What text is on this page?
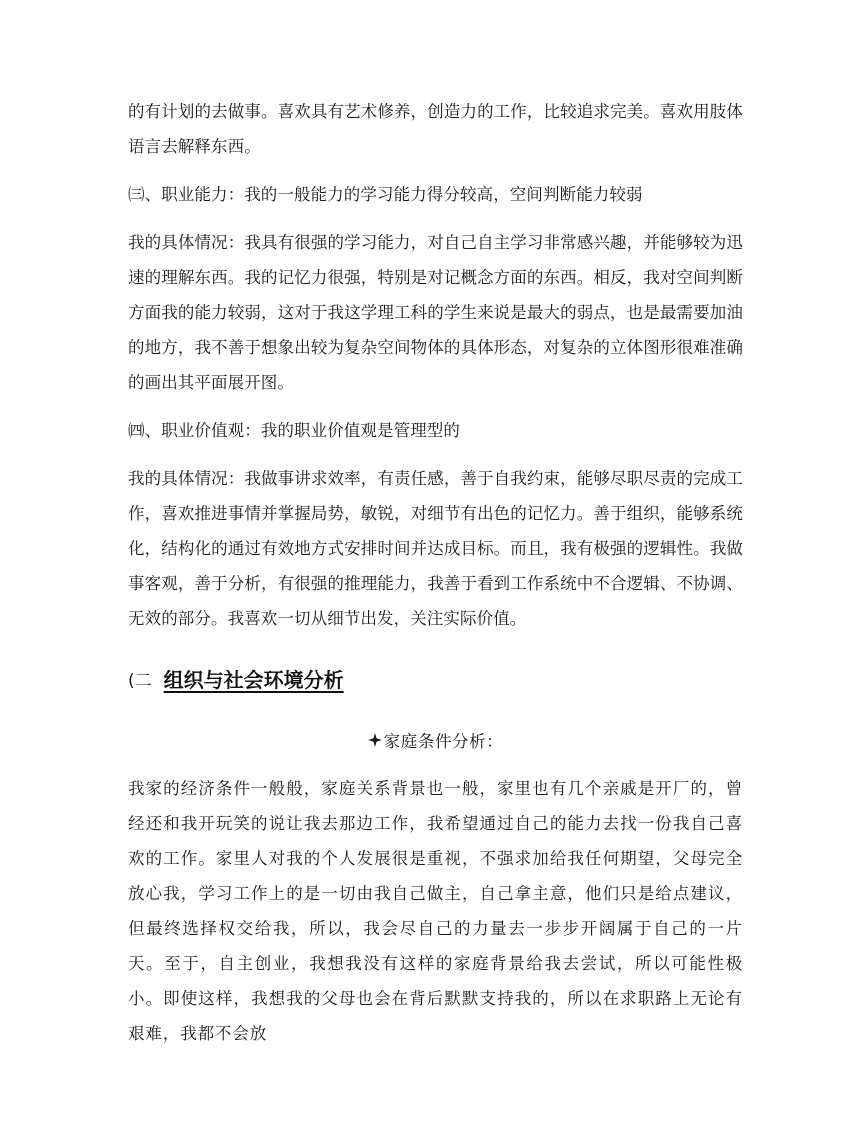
的有计划的去做事。喜欢具有艺术修养，创造力的工作，比较追求完美。喜欢用肢体语言去解释东西。

㈢、职业能力：我的一般能力的学习能力得分较高，空间判断能力较弱

我的具体情况：我具有很强的学习能力，对自己自主学习非常感兴趣，并能够较为迅速的理解东西。我的记忆力很强，特别是对记概念方面的东西。相反，我对空间判断方面我的能力较弱，这对于我这学理工科的学生来说是最大的弱点，也是最需要加油的地方，我不善于想象出较为复杂空间物体的具体形态，对复杂的立体图形很难准确的画出其平面展开图。

㈣、职业价值观：我的职业价值观是管理型的

我的具体情况：我做事讲求效率，有责任感，善于自我约束，能够尽职尽责的完成工作，喜欢推进事情并掌握局势，敏锐，对细节有出色的记忆力。善于组织，能够系统化，结构化的通过有效地方式安排时间并达成目标。而且，我有极强的逻辑性。我做事客观，善于分析，有很强的推理能力，我善于看到工作系统中不合逻辑、不协调、无效的部分。我喜欢一切从细节出发，关注实际价值。

(二 组织与社会环境分析
家庭条件分析：

我家的经济条件一般般，家庭关系背景也一般，家里也有几个亲戚是开厂的，曾经还和我开玩笑的说让我去那边工作，我希望通过自己的能力去找一份我自己喜欢的工作。家里人对我的个人发展很是重视，不强求加给我任何期望，父母完全放心我，学习工作上的是一切由我自己做主，自己拿主意，他们只是给点建议，但最终选择权交给我，所以，我会尽自己的力量去一步步开阔属于自己的一片天。至于，自主创业，我想我没有这样的家庭背景给我去尝试，所以可能性极小。即使这样，我想我的父母也会在背后默默支持我的，所以在求职路上无论有艰难，我都不会放
